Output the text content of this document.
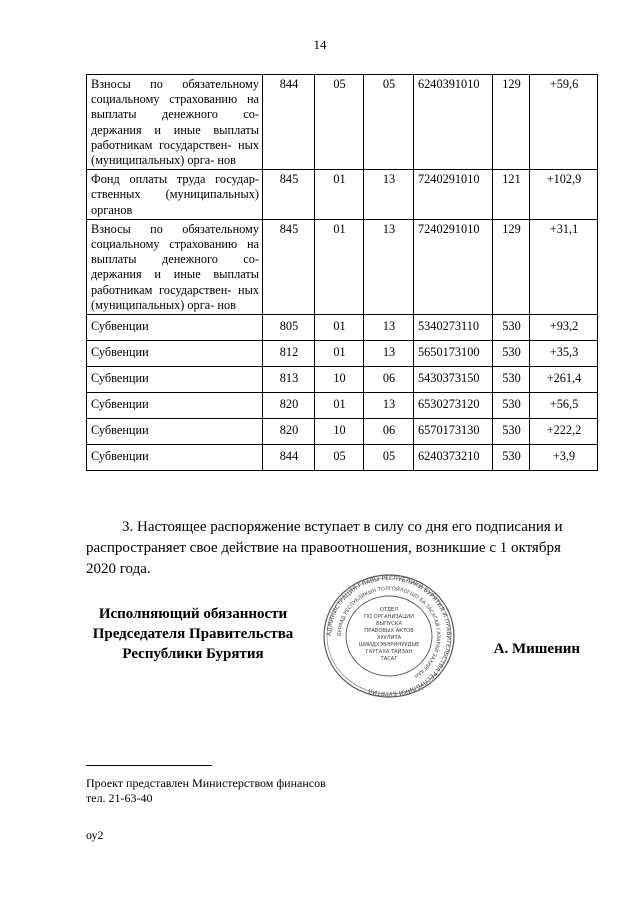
14
Взносы по обязательному социальному страхованию на выплаты денежного со- держания и иные выплаты работникам государствен- ных (муниципальных) орга- нов	844	05	05	6240391010	129	+59,6
Фонд оплаты труда государ- ственных (муниципальных) органов	845	01	13	7240291010	121	+102,9
Взносы по обязательному социальному страхованию на выплаты денежного со- держания и иные выплаты работникам государствен- ных (муниципальных) орга- нов	845	01	13	7240291010	129	+31,1
Субвенции	805	01	13	5340273110	530	+93,2
Субвенции	812	01	13	5650173100	530	+35,3
Субвенции	813	10	06	5430373150	530	+261,4
Субвенции	820	01	13	6530273120	530	+56,5
Субвенции	820	10	06	6570173130	530	+222,2
Субвенции	844	05	05	6240373210	530	+3,9
3. Настоящее распоряжение вступает в силу со дня его подписания и
распространяет свое действие на правоотношения, возникшие с 1 октября
2020 года.
Исполняющий обязанности
Председателя Правительства
Республики Бурятия
АДМИНИСТРАЦИЯ ГЛАВЫ РЕСПУБЛИКИ БУРЯТИЯ И ПРАВИТЕЛЬСТВА РЕСПУБЛИКИ БУРЯТИЯ
БУРЯАД РЕСПУБЛИКЫН ТОЛГОЙЛОГШО БА ЗАСАГАЙ ГАЗАРАЙ ЗАХИРГААН
ОТДЕЛ
ПО ОРГАНИЗАЦИИ
ВЫПУСКА
ПРАВОВЫХ АКТОВ
ХУУЛИТА
ШИИДХЭБЭРИНУУДЫЕ
ГАРГАХА ТАЙЗАН
ТАСАГ
А. Мишенин
Проект представлен Министерством финансов
тел. 21-63-40
оу2
